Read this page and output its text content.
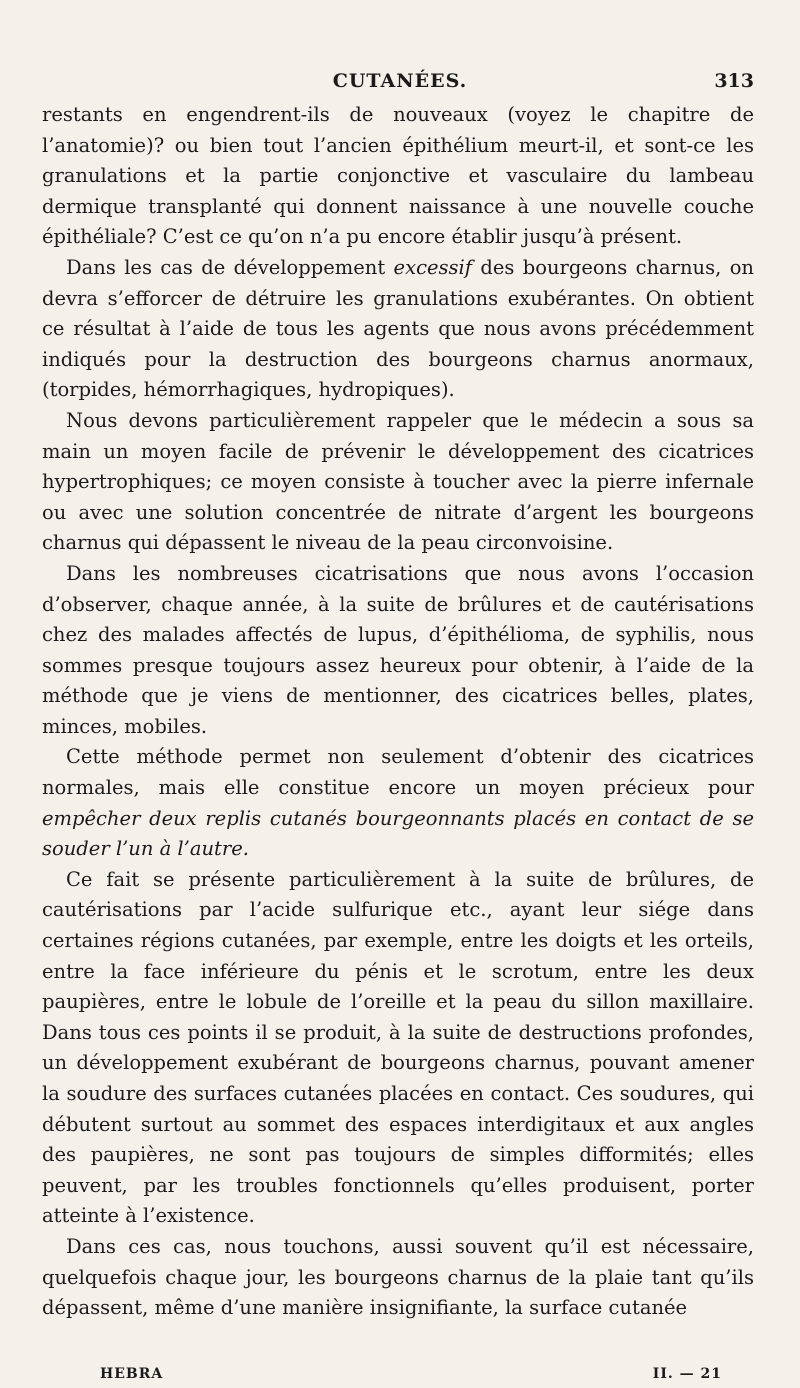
CUTANÉES.	313

restants en engendrent-ils de nouveaux (voyez le chapitre de l’anatomie)? ou bien tout l’ancien épithélium meurt-il, et sont-ce les granulations et la partie conjonctive et vasculaire du lambeau dermique transplanté qui donnent naissance à une nouvelle couche épithéliale? C’est ce qu’on n’a pu encore établir jusqu’à présent.

Dans les cas de développement excessif des bourgeons charnus, on devra s’efforcer de détruire les granulations exubérantes. On obtient ce résultat à l’aide de tous les agents que nous avons précédemment indiqués pour la destruction des bourgeons charnus anormaux, (torpides, hémorrhagiques, hydropiques).

Nous devons particulièrement rappeler que le médecin a sous sa main un moyen facile de prévenir le développement des cicatrices hypertrophiques; ce moyen consiste à toucher avec la pierre infernale ou avec une solution concentrée de nitrate d’argent les bourgeons charnus qui dépassent le niveau de la peau circonvoisine.

Dans les nombreuses cicatrisations que nous avons l’occasion d’observer, chaque année, à la suite de brûlures et de cautérisations chez des malades affectés de lupus, d’épithélioma, de syphilis, nous sommes presque toujours assez heureux pour obtenir, à l’aide de la méthode que je viens de mentionner, des cicatrices belles, plates, minces, mobiles.

Cette méthode permet non seulement d’obtenir des cicatrices normales, mais elle constitue encore un moyen précieux pour empêcher deux replis cutanés bourgeonnants placés en contact de se souder l’un à l’autre.

Ce fait se présente particulièrement à la suite de brûlures, de cautérisations par l’acide sulfurique etc., ayant leur siége dans certaines régions cutanées, par exemple, entre les doigts et les orteils, entre la face inférieure du pénis et le scrotum, entre les deux paupières, entre le lobule de l’oreille et la peau du sillon maxillaire. Dans tous ces points il se produit, à la suite de destructions profondes, un développement exubérant de bourgeons charnus, pouvant amener la soudure des surfaces cutanées placées en contact. Ces soudures, qui débutent surtout au sommet des espaces interdigitaux et aux angles des paupières, ne sont pas toujours de simples difformités; elles peuvent, par les troubles fonctionnels qu’elles produisent, porter atteinte à l’existence.

Dans ces cas, nous touchons, aussi souvent qu’il est nécessaire, quelquefois chaque jour, les bourgeons charnus de la plaie tant qu’ils dépassent, même d’une manière insignifiante, la surface cutanée

HEBRA	II. — 21
